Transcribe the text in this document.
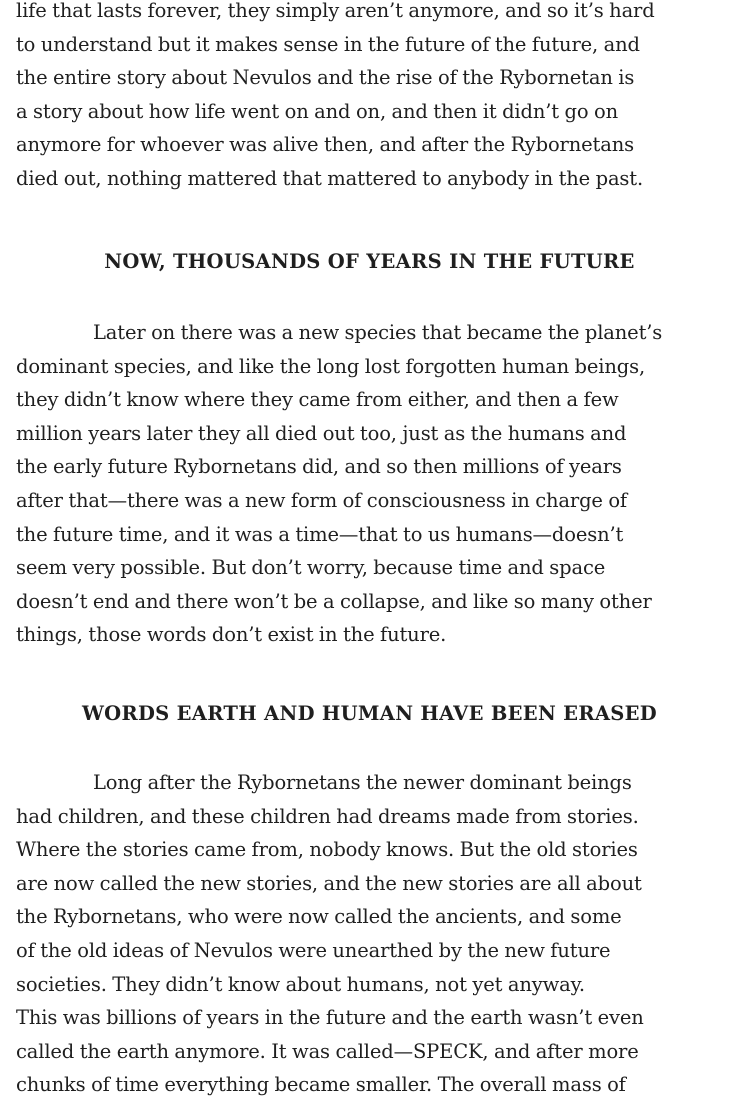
life that lasts forever, they simply aren’t anymore, and so it’s hard
to understand but it makes sense in the future of the future, and
the entire story about Nevulos and the rise of the Rybornetan is
a story about how life went on and on, and then it didn’t go on
anymore for whoever was alive then, and after the Rybornetans
died out, nothing mattered that mattered to anybody in the past.
NOW, THOUSANDS OF YEARS IN THE FUTURE
Later on there was a new species that became the planet’s
dominant species, and like the long lost forgotten human beings,
they didn’t know where they came from either, and then a few
million years later they all died out too, just as the humans and
the early future Rybornetans did, and so then millions of years
after that—there was a new form of consciousness in charge of
the future time, and it was a time—that to us humans—doesn’t
seem very possible. But don’t worry, because time and space
doesn’t end and there won’t be a collapse, and like so many other
things, those words don’t exist in the future.
WORDS EARTH AND HUMAN HAVE BEEN ERASED
Long after the Rybornetans the newer dominant beings
had children, and these children had dreams made from stories.
Where the stories came from, nobody knows. But the old stories
are now called the new stories, and the new stories are all about
the Rybornetans, who were now called the ancients, and some
of the old ideas of Nevulos were unearthed by the new future
societies. They didn’t know about humans, not yet anyway.
This was billions of years in the future and the earth wasn’t even
called the earth anymore. It was called—SPECK, and after more
chunks of time everything became smaller. The overall mass of
